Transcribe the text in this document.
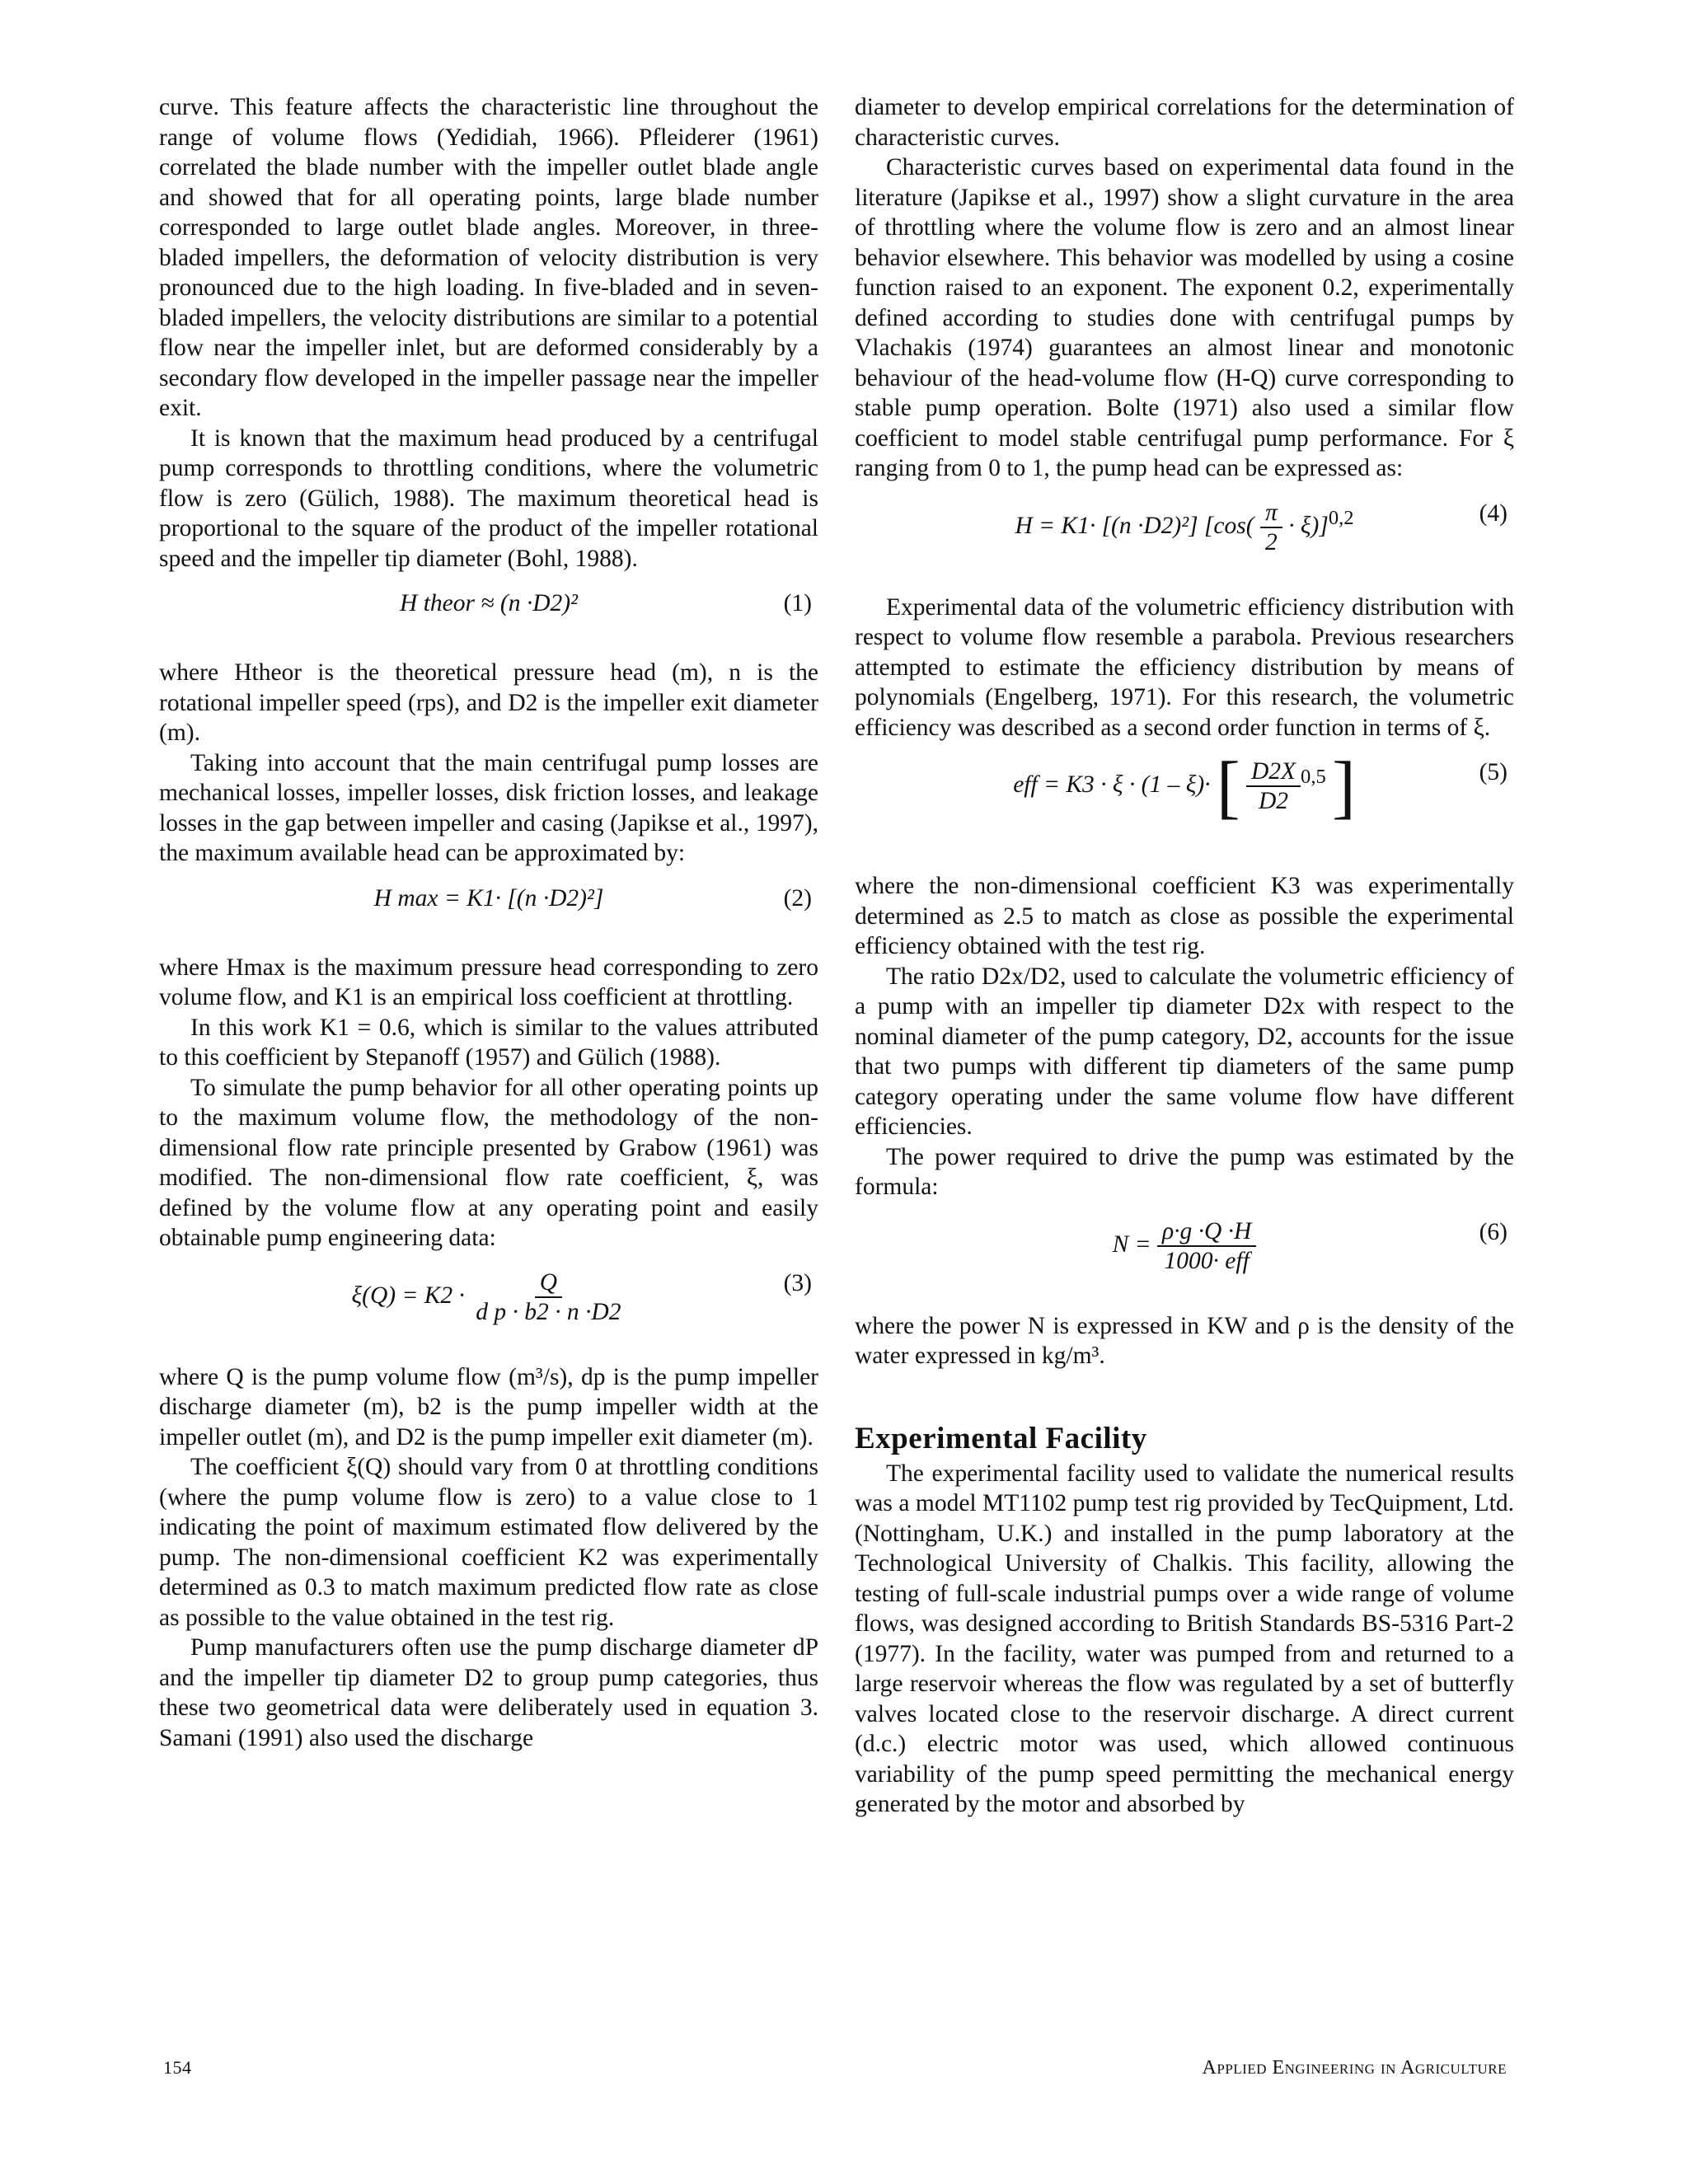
curve. This feature affects the characteristic line throughout the range of volume flows (Yedidiah, 1966). Pfleiderer (1961) correlated the blade number with the impeller outlet blade angle and showed that for all operating points, large blade number corresponded to large outlet blade angles. Moreover, in three-bladed impellers, the deformation of velocity distribution is very pronounced due to the high loading. In five-bladed and in seven-bladed impellers, the velocity distributions are similar to a potential flow near the impeller inlet, but are deformed considerably by a secondary flow developed in the impeller passage near the impeller exit.

It is known that the maximum head produced by a centrifugal pump corresponds to throttling conditions, where the volumetric flow is zero (Gülich, 1988). The maximum theoretical head is proportional to the square of the product of the impeller rotational speed and the impeller tip diameter (Bohl, 1988).

H theor ≈ (n ·D2)²	(1)

where Htheor is the theoretical pressure head (m), n is the rotational impeller speed (rps), and D2 is the impeller exit diameter (m).

Taking into account that the main centrifugal pump losses are mechanical losses, impeller losses, disk friction losses, and leakage losses in the gap between impeller and casing (Japikse et al., 1997), the maximum available head can be approximated by:

H max = K1· [(n ·D2)²]	(2)

where Hmax is the maximum pressure head corresponding to zero volume flow, and K1 is an empirical loss coefficient at throttling.

In this work K1 = 0.6, which is similar to the values attributed to this coefficient by Stepanoff (1957) and Gülich (1988).

To simulate the pump behavior for all other operating points up to the maximum volume flow, the methodology of the non-dimensional flow rate principle presented by Grabow (1961) was modified. The non-dimensional flow rate coefficient, ξ, was defined by the volume flow at any operating point and easily obtainable pump engineering data:

$\xi(Q) = K2 \cdot \frac{Q}{\text{d p · b2 · n ·D2}}$	(3)

where Q is the pump volume flow (m³/s), dp is the pump impeller discharge diameter (m), b2 is the pump impeller width at the impeller outlet (m), and D2 is the pump impeller exit diameter (m).

The coefficient ξ(Q) should vary from 0 at throttling conditions (where the pump volume flow is zero) to a value close to 1 indicating the point of maximum estimated flow delivered by the pump. The non-dimensional coefficient K2 was experimentally determined as 0.3 to match maximum predicted flow rate as close as possible to the value obtained in the test rig.

Pump manufacturers often use the pump discharge diameter dP and the impeller tip diameter D2 to group pump categories, thus these two geometrical data were deliberately used in equation 3. Samani (1991) also used the discharge

diameter to develop empirical correlations for the determination of characteristic curves.

Characteristic curves based on experimental data found in the literature (Japikse et al., 1997) show a slight curvature in the area of throttling where the volume flow is zero and an almost linear behavior elsewhere. This behavior was modelled by using a cosine function raised to an exponent. The exponent 0.2, experimentally defined according to studies done with centrifugal pumps by Vlachakis (1974) guarantees an almost linear and monotonic behaviour of the head-volume flow (H-Q) curve corresponding to stable pump operation. Bolte (1971) also used a similar flow coefficient to model stable centrifugal pump performance. For ξ ranging from 0 to 1, the pump head can be expressed as:

H = K1· [(n ·D2)²] $[\cos( \frac{\pi}{2} \cdot \xi)]^{0,2}$	(4)

Experimental data of the volumetric efficiency distribution with respect to volume flow resemble a parabola. Previous researchers attempted to estimate the efficiency distribution by means of polynomials (Engelberg, 1971). For this research, the volumetric efficiency was described as a second order function in terms of ξ.

eff = K3 · ξ · (1 – ξ)· [ $\frac{D2X}{D2} ^{0,5}$ ]	(5)

where the non-dimensional coefficient K3 was experimentally determined as 2.5 to match as close as possible the experimental efficiency obtained with the test rig.

The ratio D2x/D2, used to calculate the volumetric efficiency of a pump with an impeller tip diameter D2x with respect to the nominal diameter of the pump category, D2, accounts for the issue that two pumps with different tip diameters of the same pump category operating under the same volume flow have different efficiencies.

The power required to drive the pump was estimated by the formula:

$N = \frac{\rho\cdot g \cdot Q \cdot H}{\text{1000· eff}}$	(6)

where the power N is expressed in KW and ρ is the density of the water expressed in kg/m³.

Experimental Facility

The experimental facility used to validate the numerical results was a model MT1102 pump test rig provided by TecQuipment, Ltd. (Nottingham, U.K.) and installed in the pump laboratory at the Technological University of Chalkis. This facility, allowing the testing of full-scale industrial pumps over a wide range of volume flows, was designed according to British Standards BS-5316 Part-2 (1977). In the facility, water was pumped from and returned to a large reservoir whereas the flow was regulated by a set of butterfly valves located close to the reservoir discharge. A direct current (d.c.) electric motor was used, which allowed continuous variability of the pump speed permitting the mechanical energy generated by the motor and absorbed by

154	Applied Engineering in Agriculture
